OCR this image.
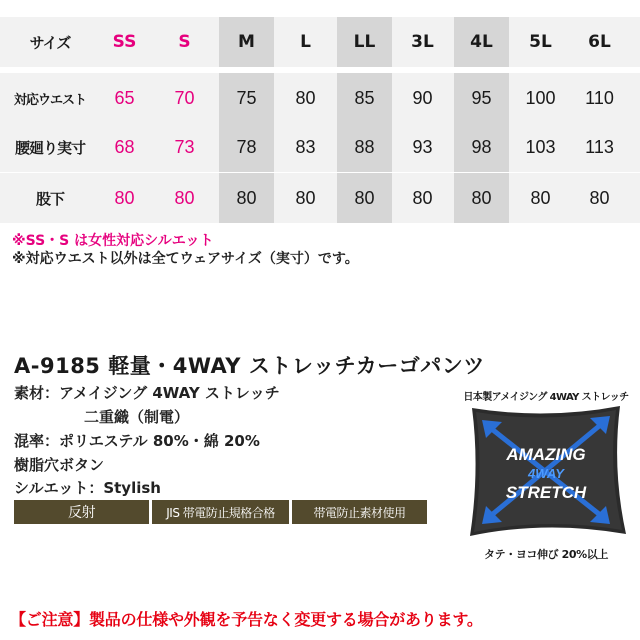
サイズ	SS	S	M	L	LL	3L	4L	5L	6L
対応ウエスト	65	70	75	80	85	90	95	100	110
腰廻り実寸	68	73	78	83	88	93	98	103	113
股下	80	80	80	80	80	80	80	80	80
※SS・S は女性対応シルエット
※対応ウエスト以外は全てウェアサイズ（実寸）です。
A-9185 軽量・4WAY ストレッチカーゴパンツ
素材：アメイジング 4WAY ストレッチ
二重織（制電）
混率：ポリエステル 80%・綿 20%
樹脂穴ボタン
シルエット：Stylish
反射	JIS 帯電防止規格合格	帯電防止素材使用
日本製アメイジング 4WAY ストレッチ
AMAZING
4WAY
STRETCH
タテ・ヨコ伸び 20%以上
【ご注意】製品の仕様や外観を予告なく変更する場合があります。
